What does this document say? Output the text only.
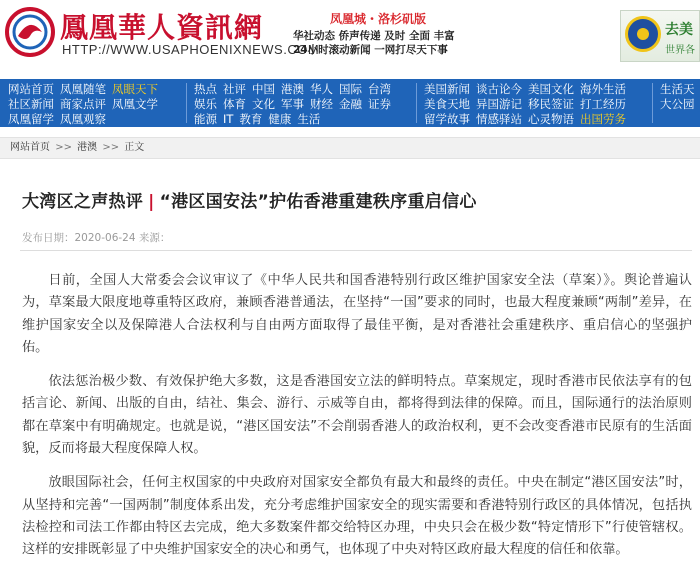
鳳凰華人資訊網
HTTP://WWW.USAPHOENIXNEWS.COM
凤凰城・洛杉矶版
华社动态 侨声传递 及时 全面 丰富
24小时滚动新闻 一网打尽天下事
去美
世界各
网站首页 凤凰随笔 凤眼天下
社区新闻 商家点评 凤凰文学
凤凰留学 凤凰观察
热点 社评 中国 港澳 华人 国际 台湾
娱乐 体育 文化 军事 财经 金融 证券
能源 IT 教育 健康 生活
美国新闻 谈古论今 美国文化 海外生活
美食天地 异国游记 移民签证 打工经历
留学故事 情感驿站 心灵物语 出国劳务
生活天
大公园
网站首页 >> 港澳 >> 正文
大湾区之声热评 | “港区国安法”护佑香港重建秩序重启信心
发布日期：2020-06-24 来源：

日前，全国人大常委会会议审议了《中华人民共和国香港特别行政区维护国家安全法（草案）》。舆论普遍认为，草案最大限度地尊重特区政府，兼顾香港普通法，在坚持“一国”要求的同时，也最大程度兼顾“两制”差异，在维护国家安全以及保障港人合法权利与自由两方面取得了最佳平衡，是对香港社会重建秩序、重启信心的坚强护佑。

依法惩治极少数、有效保护绝大多数，这是香港国安立法的鲜明特点。草案规定，现时香港市民依法享有的包括言论、新闻、出版的自由，结社、集会、游行、示威等自由，都将得到法律的保障。而且，国际通行的法治原则都在草案中有明确规定。也就是说，“港区国安法”不会削弱香港人的政治权利，更不会改变香港市民原有的生活面貌，反而将最大程度保障人权。

放眼国际社会，任何主权国家的中央政府对国家安全都负有最大和最终的责任。中央在制定“港区国安法”时，从坚持和完善“一国两制”制度体系出发，充分考虑维护国家安全的现实需要和香港特别行政区的具体情况，包括执法检控和司法工作都由特区去完成，绝大多数案件都交给特区办理，中央只会在极少数“特定情形下”行使管辖权。这样的安排既彰显了中央维护国家安全的决心和勇气，也体现了中央对特区政府最大程度的信任和依靠。
